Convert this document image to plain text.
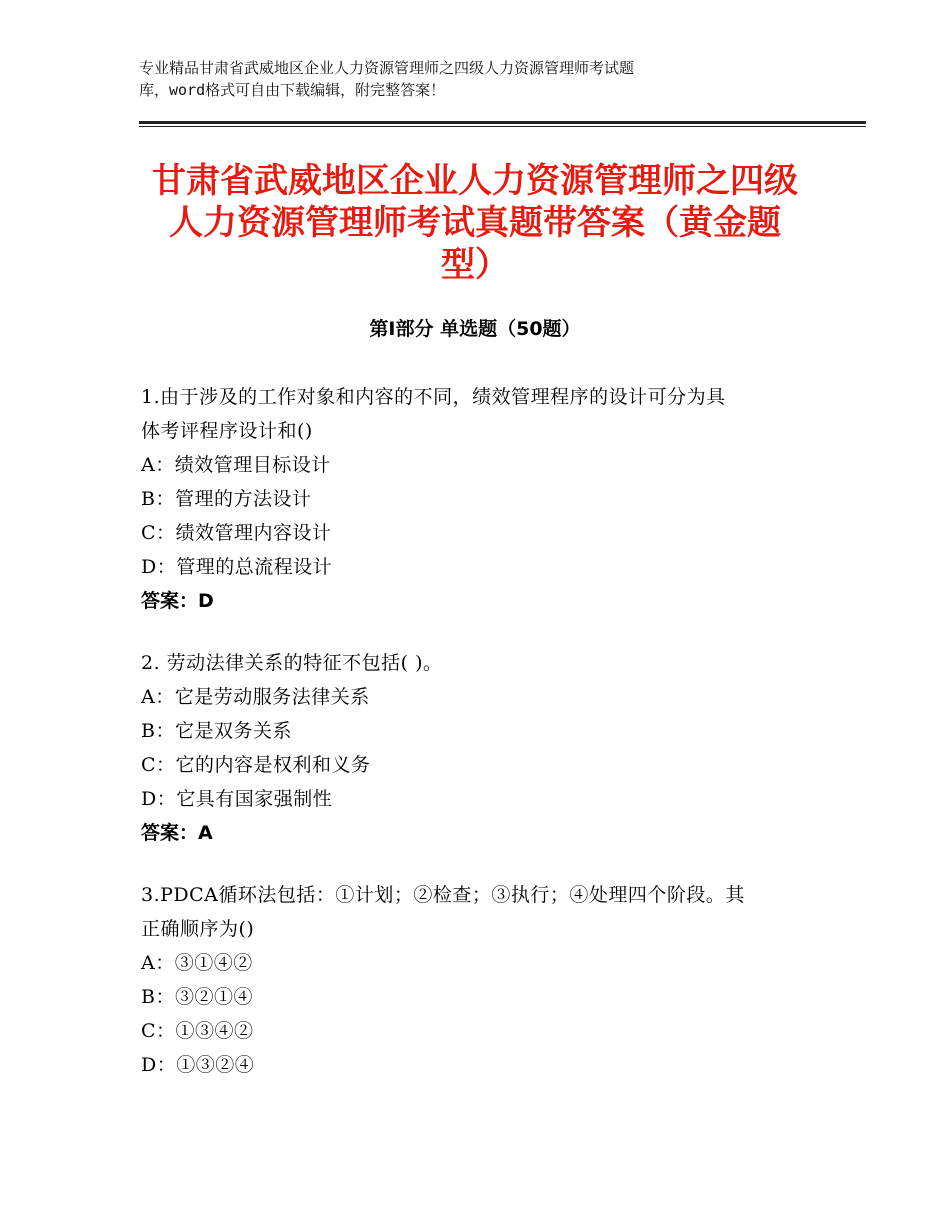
专业精品甘肃省武威地区企业人力资源管理师之四级人力资源管理师考试题
库，word格式可自由下载编辑，附完整答案！
甘肃省武威地区企业人力资源管理师之四级
人力资源管理师考试真题带答案（黄金题
型）
第Ⅰ部分 单选题（50题）
1.由于涉及的工作对象和内容的不同，绩效管理程序的设计可分为具
体考评程序设计和()
A：绩效管理目标设计
B：管理的方法设计
C：绩效管理内容设计
D：管理的总流程设计
答案：D
2. 劳动法律关系的特征不包括( )。
A：它是劳动服务法律关系
B：它是双务关系
C：它的内容是权利和义务
D：它具有国家强制性
答案：A
3.PDCA循环法包括：①计划；②检查；③执行；④处理四个阶段。其
正确顺序为()
A：③①④②
B：③②①④
C：①③④②
D：①③②④
